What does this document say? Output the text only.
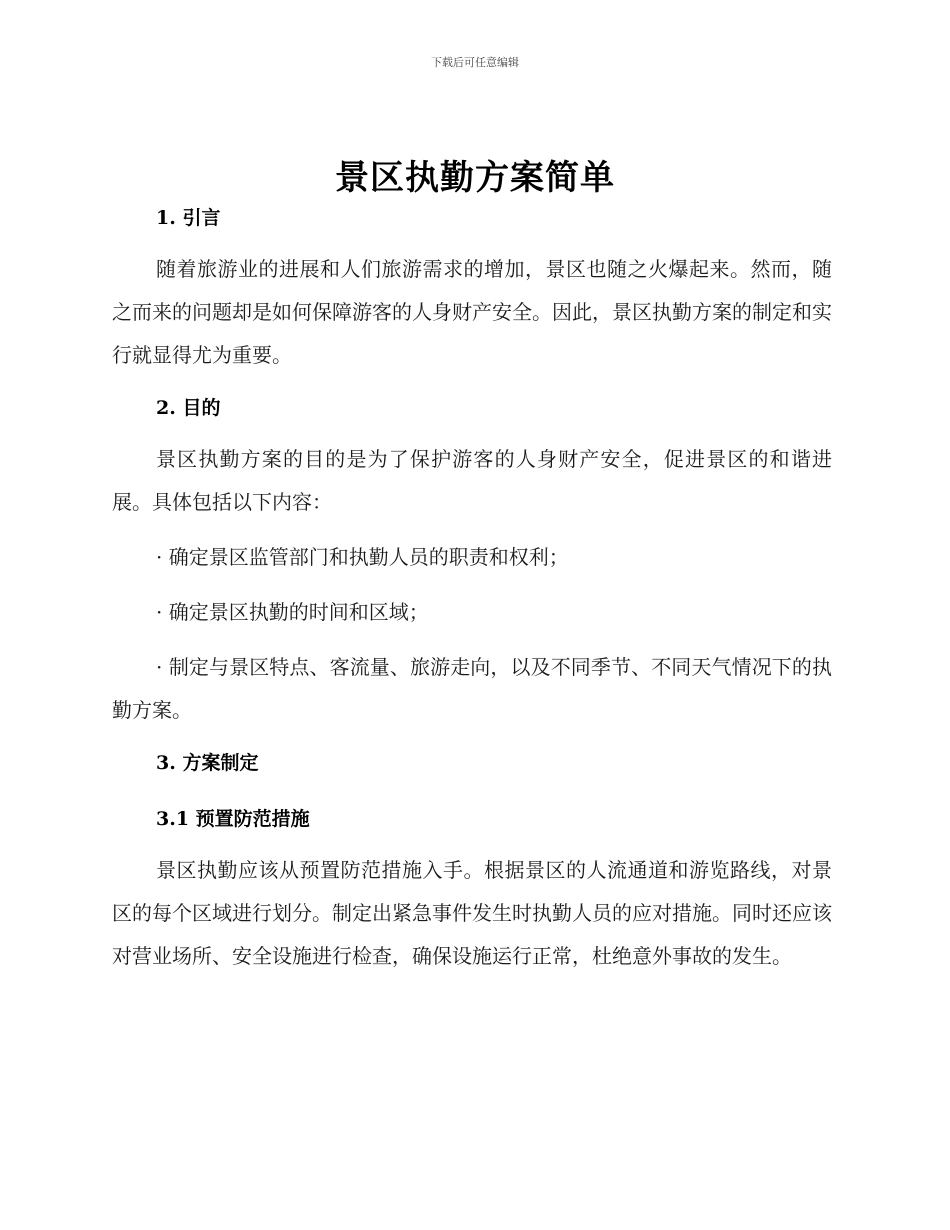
下载后可任意编辑
景区执勤方案简单
1. 引言

随着旅游业的进展和人们旅游需求的增加，景区也随之火爆起来。然而，随之而来的问题却是如何保障游客的人身财产安全。因此，景区执勤方案的制定和实行就显得尤为重要。

2. 目的

景区执勤方案的目的是为了保护游客的人身财产安全，促进景区的和谐进展。具体包括以下内容：

· 确定景区监管部门和执勤人员的职责和权利；

· 确定景区执勤的时间和区域；

· 制定与景区特点、客流量、旅游走向，以及不同季节、不同天气情况下的执勤方案。

3. 方案制定
3.1 预置防范措施

景区执勤应该从预置防范措施入手。根据景区的人流通道和游览路线，对景区的每个区域进行划分。制定出紧急事件发生时执勤人员的应对措施。同时还应该对营业场所、安全设施进行检查，确保设施运行正常，杜绝意外事故的发生。
